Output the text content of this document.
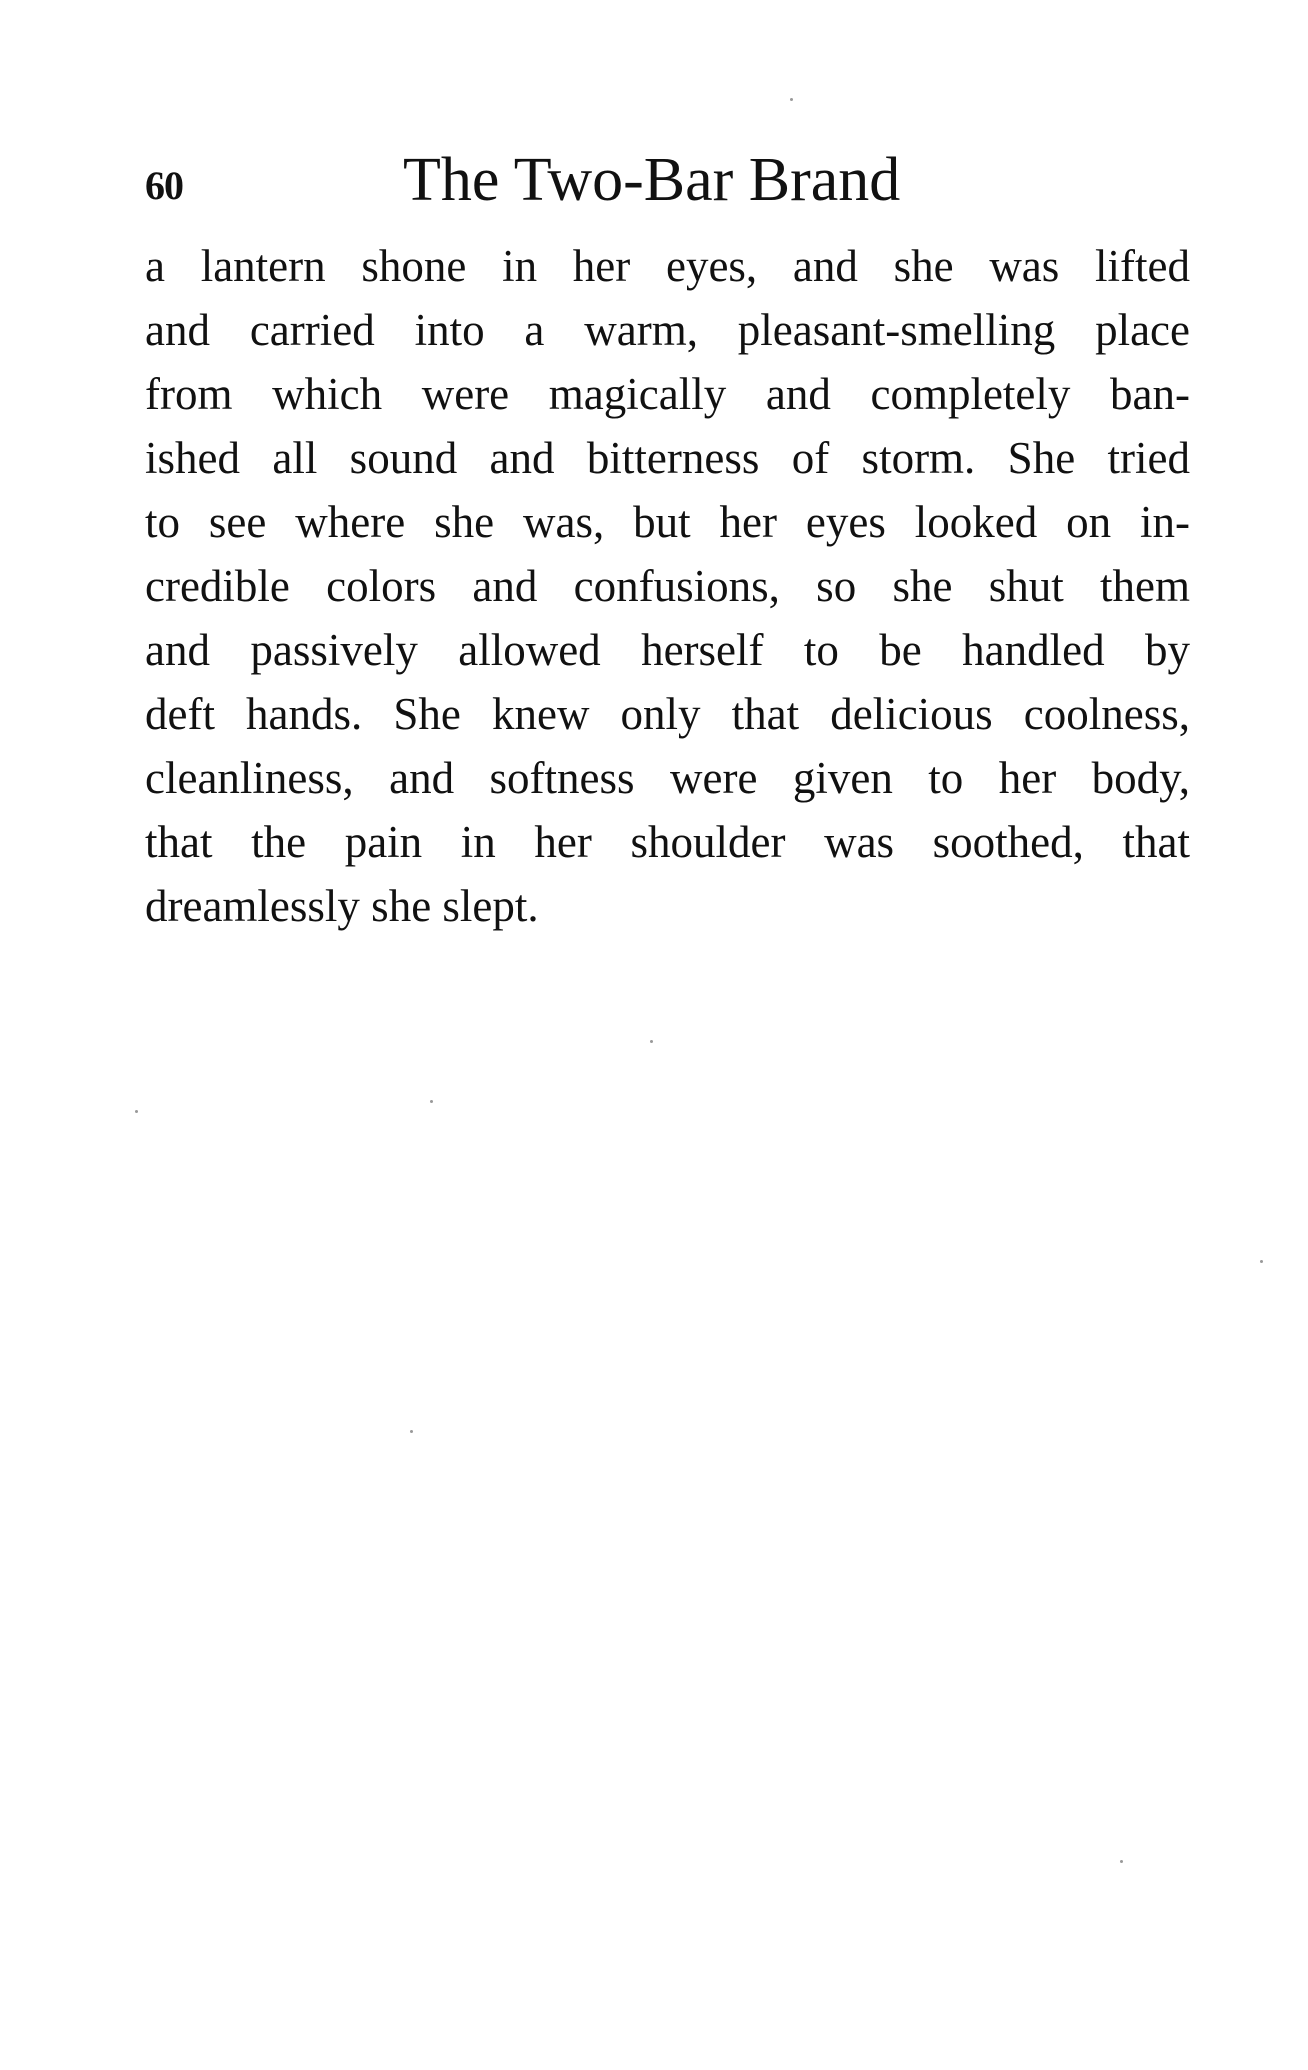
60	The Two-Bar Brand
a lantern shone in her eyes, and she was lifted
and carried into a warm, pleasant-smelling place
from which were magically and completely ban-
ished all sound and bitterness of storm. She tried
to see where she was, but her eyes looked on in-
credible colors and confusions, so she shut them
and passively allowed herself to be handled by
deft hands. She knew only that delicious coolness,
cleanliness, and softness were given to her body,
that the pain in her shoulder was soothed, that
dreamlessly she slept.
